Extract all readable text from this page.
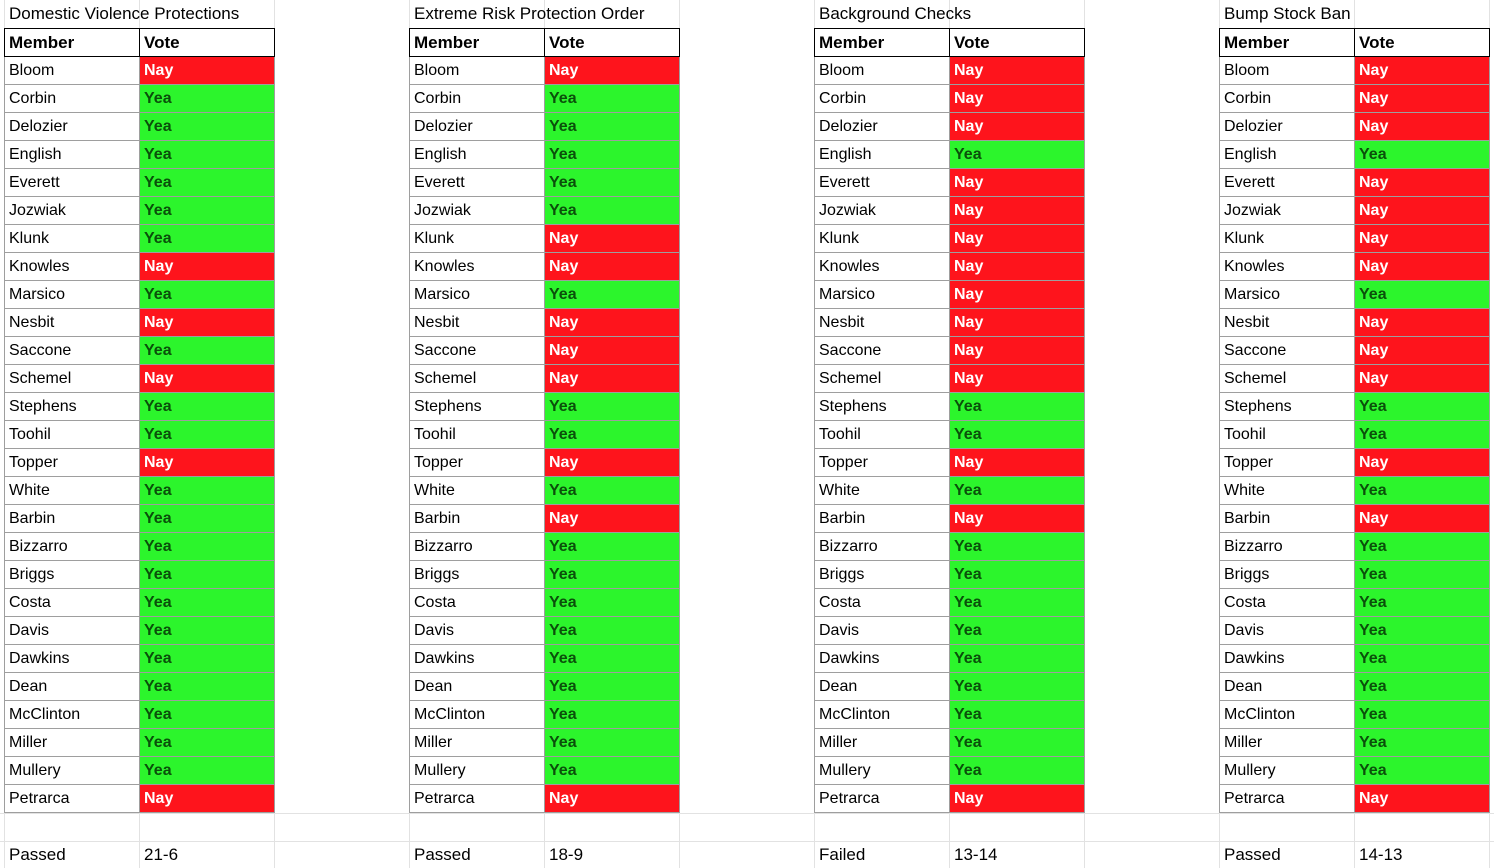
Domestic Violence Protections
Member	Vote
Bloom	Nay
Corbin	Yea
Delozier	Yea
English	Yea
Everett	Yea
Jozwiak	Yea
Klunk	Yea
Knowles	Nay
Marsico	Yea
Nesbit	Nay
Saccone	Yea
Schemel	Nay
Stephens	Yea
Toohil	Yea
Topper	Nay
White	Yea
Barbin	Yea
Bizzarro	Yea
Briggs	Yea
Costa	Yea
Davis	Yea
Dawkins	Yea
Dean	Yea
McClinton	Yea
Miller	Yea
Mullery	Yea
Petrarca	Nay
Passed	21-6
Extreme Risk Protection Order
Member	Vote
Bloom	Nay
Corbin	Yea
Delozier	Yea
English	Yea
Everett	Yea
Jozwiak	Yea
Klunk	Nay
Knowles	Nay
Marsico	Yea
Nesbit	Nay
Saccone	Nay
Schemel	Nay
Stephens	Yea
Toohil	Yea
Topper	Nay
White	Yea
Barbin	Nay
Bizzarro	Yea
Briggs	Yea
Costa	Yea
Davis	Yea
Dawkins	Yea
Dean	Yea
McClinton	Yea
Miller	Yea
Mullery	Yea
Petrarca	Nay
Passed	18-9
Background Checks
Member	Vote
Bloom	Nay
Corbin	Nay
Delozier	Nay
English	Yea
Everett	Nay
Jozwiak	Nay
Klunk	Nay
Knowles	Nay
Marsico	Nay
Nesbit	Nay
Saccone	Nay
Schemel	Nay
Stephens	Yea
Toohil	Yea
Topper	Nay
White	Yea
Barbin	Nay
Bizzarro	Yea
Briggs	Yea
Costa	Yea
Davis	Yea
Dawkins	Yea
Dean	Yea
McClinton	Yea
Miller	Yea
Mullery	Yea
Petrarca	Nay
Failed	13-14
Bump Stock Ban
Member	Vote
Bloom	Nay
Corbin	Nay
Delozier	Nay
English	Yea
Everett	Nay
Jozwiak	Nay
Klunk	Nay
Knowles	Nay
Marsico	Yea
Nesbit	Nay
Saccone	Nay
Schemel	Nay
Stephens	Yea
Toohil	Yea
Topper	Nay
White	Yea
Barbin	Nay
Bizzarro	Yea
Briggs	Yea
Costa	Yea
Davis	Yea
Dawkins	Yea
Dean	Yea
McClinton	Yea
Miller	Yea
Mullery	Yea
Petrarca	Nay
Passed	14-13
